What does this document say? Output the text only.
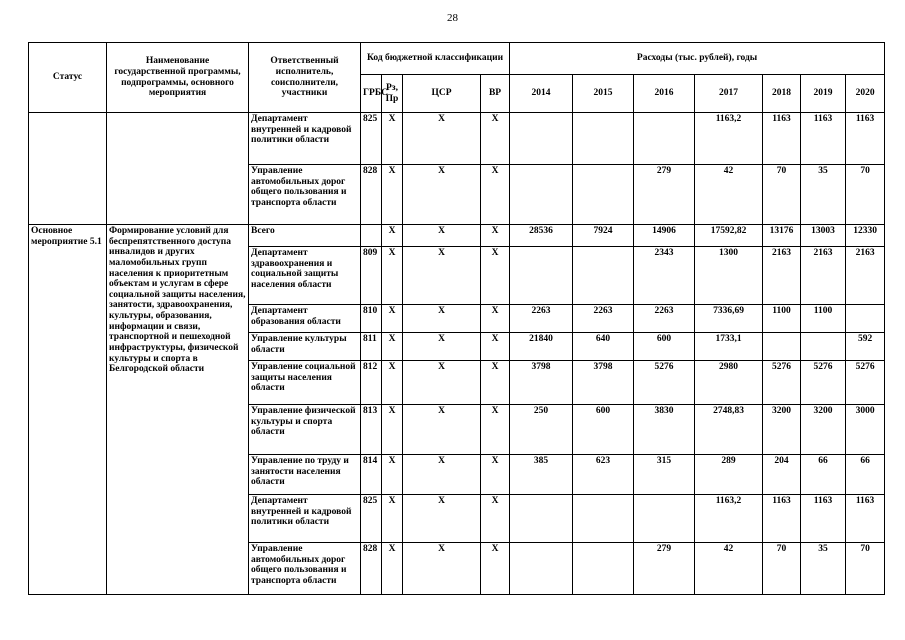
28
Статус	Наименование государственной программы, подпрограммы, основного мероприятия	Ответственный исполнитель, соисполнители, участники	Код бюджетной классификации				Расходы (тыс. рублей), годы						
			ГРБС	Рз, Пр	ЦСР	ВР	2014	2015	2016	2017	2018	2019	2020
		Департамент внутренней и кадровой политики области	825	Х	Х	Х				1163,2	1163	1163	1163
		Управление автомобильных дорог общего пользования и транспорта области	828	Х	Х	Х			279	42	70	35	70
Основное мероприятие 5.1	Формирование условий для беспрепятственного доступа инвалидов и других маломобильных групп населения к приоритетным объектам и услугам в сфере социальной защиты населения, занятости, здравоохранения, культуры, образования, информации и связи, транспортной и пешеходной инфраструктуры, физической культуры и спорта в Белгородской области	Всего		Х	Х	Х	28536	7924	14906	17592,82	13176	13003	12330
		Департамент здравоохранения и социальной защиты населения области	809	Х	Х	Х			2343	1300	2163	2163	2163
		Департамент образования области	810	Х	Х	Х	2263	2263	2263	7336,69	1100	1100	
		Управление культуры области	811	Х	Х	Х	21840	640	600	1733,1			592
		Управление социальной защиты населения области	812	Х	Х	Х	3798	3798	5276	2980	5276	5276	5276
		Управление физической культуры и спорта области	813	Х	Х	Х	250	600	3830	2748,83	3200	3200	3000
		Управление по труду и занятости населения области	814	Х	Х	Х	385	623	315	289	204	66	66
		Департамент внутренней и кадровой политики области	825	Х	Х	Х				1163,2	1163	1163	1163
		Управление автомобильных дорог общего пользования и транспорта области	828	Х	Х	Х			279	42	70	35	70
